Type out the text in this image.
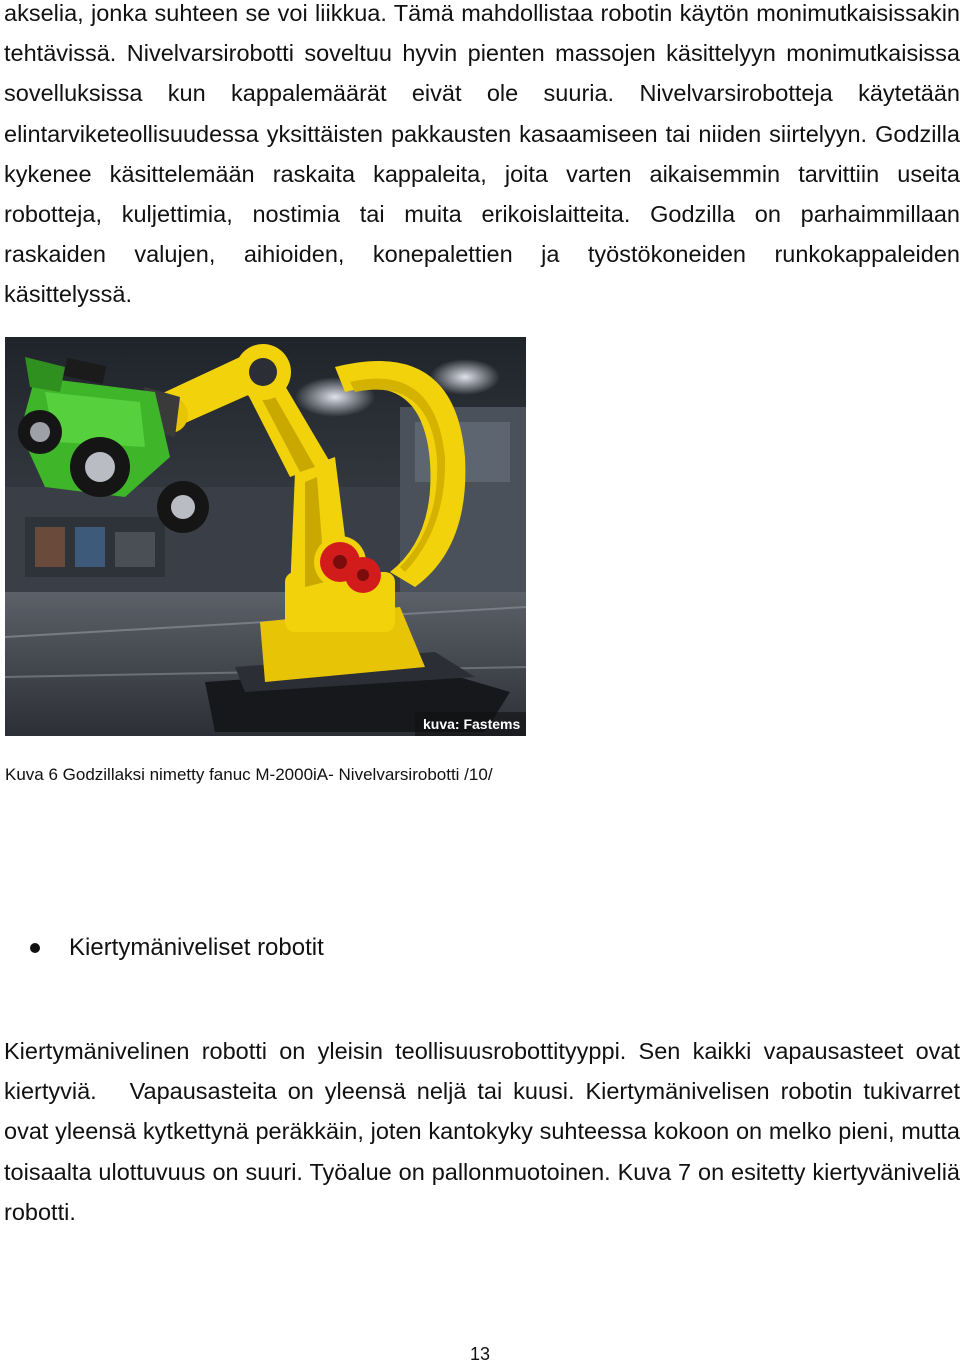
akselia, jonka suhteen se voi liikkua. Tämä mahdollistaa robotin käytön monimutkaisissakin tehtävissä. Nivelvarsirobotti soveltuu hyvin pienten massojen käsittelyyn monimutkaisissa sovelluksissa kun kappalemäärät eivät ole suuria. Nivelvarsirobotteja käytetään elintarviketeollisuudessa yksittäisten pakkausten kasaamiseen tai niiden siirtelyyn. Godzilla kykenee käsittelemään raskaita kappaleita, joita varten aikaisemmin tarvittiin useita robotteja, kuljettimia, nostimia tai muita erikoislaitteita. Godzilla on parhaimmillaan raskaiden valujen, aihioiden, konepalettien ja työstökoneiden runkokappaleiden käsittelyssä.

kuva: Fastems

Kuva 6 Godzillaksi nimetty fanuc M-2000iA- Nivelvarsirobotti /10/

Kiertymäniveliset robotit

Kiertymänivelinen robotti on yleisin teollisuusrobottityyppi. Sen kaikki vapausasteet ovat kiertyviä. Vapausasteita on yleensä neljä tai kuusi. Kiertymänivelisen robotin tukivarret ovat yleensä kytkettynä peräkkäin, joten kantokyky suhteessa kokoon on melko pieni, mutta toisaalta ulottuvuus on suuri. Työalue on pallonmuotoinen. Kuva 7 on esitetty kiertyväniveliä robotti.

13
